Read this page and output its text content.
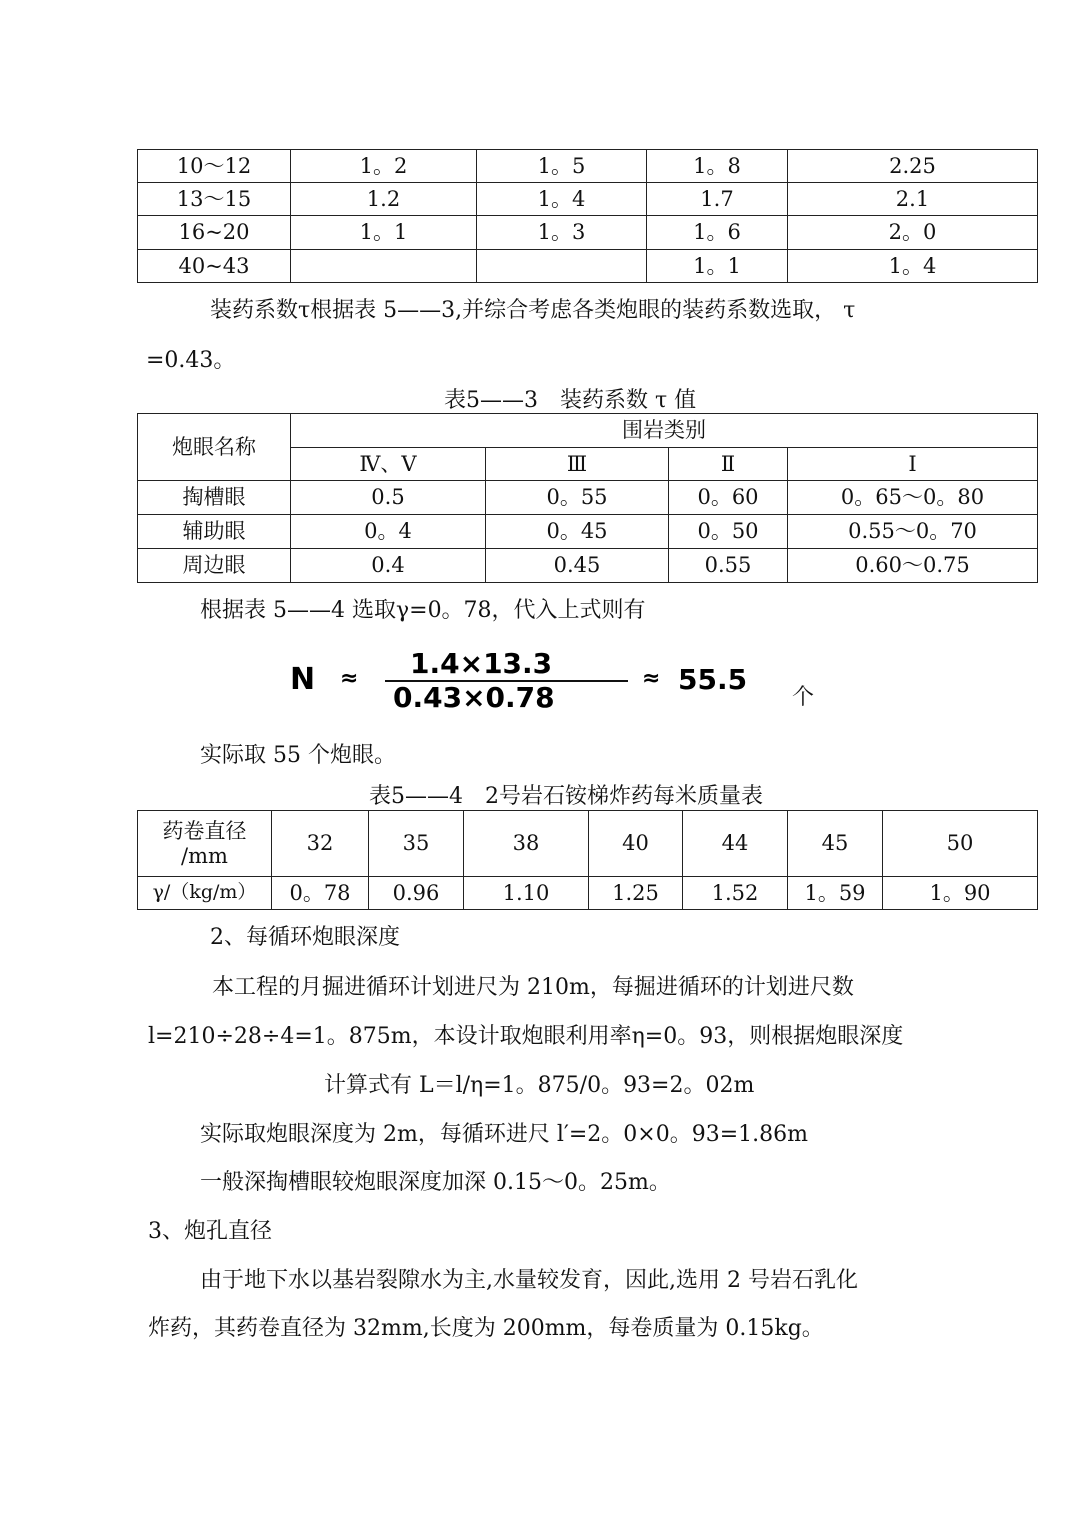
10～12	1。2	1。5	1。8	2.25
13～15	1.2	1。4	1.7	2.1
16~20	1。1	1。3	1。6	2。0
40~43			1。1	1。4
装药系数τ根据表 5——3,并综合考虑各类炮眼的装药系数选取， τ
=0.43。
表5——3　装药系数 τ 值
炮眼名称	围岩类别			
	Ⅳ、Ⅴ	Ⅲ	Ⅱ	Ⅰ
掏槽眼	0.5	0。55	0。60	0。65～0。80
辅助眼	0。4	0。45	0。50	0.55～0。70
周边眼	0.4	0.45	0.55	0.60～0.75
根据表 5——4 选取γ=0。78，代入上式则有
N ≈ 1.4×13.3
0.43×0.78
≈ 55.5
个
实际取 55 个炮眼。
表5——4　2号岩石铵梯炸药每米质量表
药卷直径
/mm	32	35	38	40	44	45	50
γ/（kg/m）	0。78	0.96	1.10	1.25	1.52	1。59	1。90
2、每循环炮眼深度
本工程的月掘进循环计划进尺为 210m，每掘进循环的计划进尺数
l=210÷28÷4=1。875m，本设计取炮眼利用率η=0。93，则根据炮眼深度
计算式有 L＝l/η=1。875/0。93=2。02m
实际取炮眼深度为 2m，每循环进尺 l′=2。0×0。93=1.86m
一般深掏槽眼较炮眼深度加深 0.15～0。25m。
3、炮孔直径
由于地下水以基岩裂隙水为主,水量较发育，因此,选用 2 号岩石乳化
炸药，其药卷直径为 32mm,长度为 200mm，每卷质量为 0.15kg。
